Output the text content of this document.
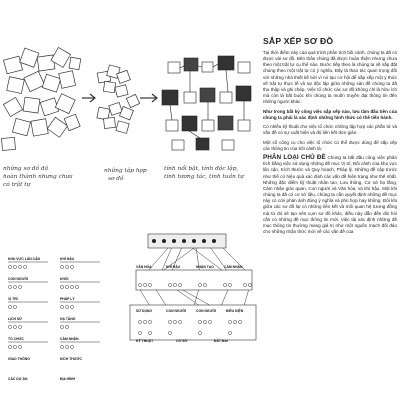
những sơ đồ đã
hoàn thành nhưng chưa
có trật tự
những tập hợp
sơ đồ
tính nổi bật, tính độc lập,
tính tương tác, tính tuần tự
KHU VỰC LÂN CẬN	KHÍ HẬU
CON NGƯỜI	KHỐI
VỊ TRÍ	PHÁP LÝ
LỊCH SỬ	HẠ TẦNG
TỔ CHỨC	CẢM NHẬN
GIAO THÔNG	KÍCH THƯỚC
CÁC DỰ ÁN	ĐỊA HÌNH
VĂN HÓA	KHÍ HẬU	NHÂN TẠO	CẢM NHẬN
SỬ DỤNG	CON NGƯỜI	CON NGƯỜI	ĐIỀU KIỆN
KỸ THUẬT	CƠ SỞ	ĐẤT ĐAI
SẮP XẾP SƠ ĐỒ

Tại thời điểm này của quá trình phân tích bối cảnh, chúng ta đã có được vài sơ đồ. Bên thân chúng đã được hoàn thiện nhưng chưa theo một trật tự cụ thể nào. Bước tiếp theo là chúng ta sẽ sắp đặt chúng theo một trật tự có ý nghĩa. Đây là thao tác quan trọng đối với những nhà thiết kế bởi vì nó tạo cơ hội để sắp xếp một ý thức về trật tự thực tế và sự độc lập giữa những sản đề chúng ta đã thu thập và ghi chép. Việc tổ chức các sơ đồ không chỉ là hữu ích mà còn là bắt buộc khi chúng ta muốn truyền đạt thông tin đến những người khác.

Như trong bất kỳ công việc sắp xếp nào, lưu tâm đầu tiên của chúng ta phải là xác định những hình thức có thể tiến hành.

Có nhiều kỹ thuật cho việc tổ chức những tập hợp các phần tử và vấn đề có sự xuất hiện và độ liên kết đơn giản.

Một số công cụ cho việc tổ chức có thể được dùng để sắp xếp các thông tin của bối cảnh là:

PHÂN LOẠI CHỦ ĐỀ Chúng ta bắt đầu công việc phân tích bằng việc sử dụng những đề mục Vị trí, Bối cảnh của khu vực lân cận, Kích thước và Quy hoạch, Pháp lý. Những đề cập trước như thế có hiệu quả xác định các vấn đề hiện trạng như thế nhất. Những đặc điểm kỹ thuật nhân tạo, Lưu thông, Cơ sở hạ tầng, Cảm nhận giác quan, Con người và Văn hóa, và khí hậu. Một khi chúng ta đã có cơ sở liệu, chúng ta cần quyết định những đề mục này có còn phản ánh đúng ý nghĩa và phù hợp hay không. Đôi khi giữa các sơ đồ lại có những liên kết và mối quan hệ tương đồng mà từ đó sẽ tạo nên cụm sơ đồ khác, điều này dẫn đến đòi hỏi cần có những đề mục thông tin mới. Việc tái xác định những đề mục thông tin thường mang giá trị như một nguồn mạch đối đáo cho những nhận thức mới về các vấn đề của
